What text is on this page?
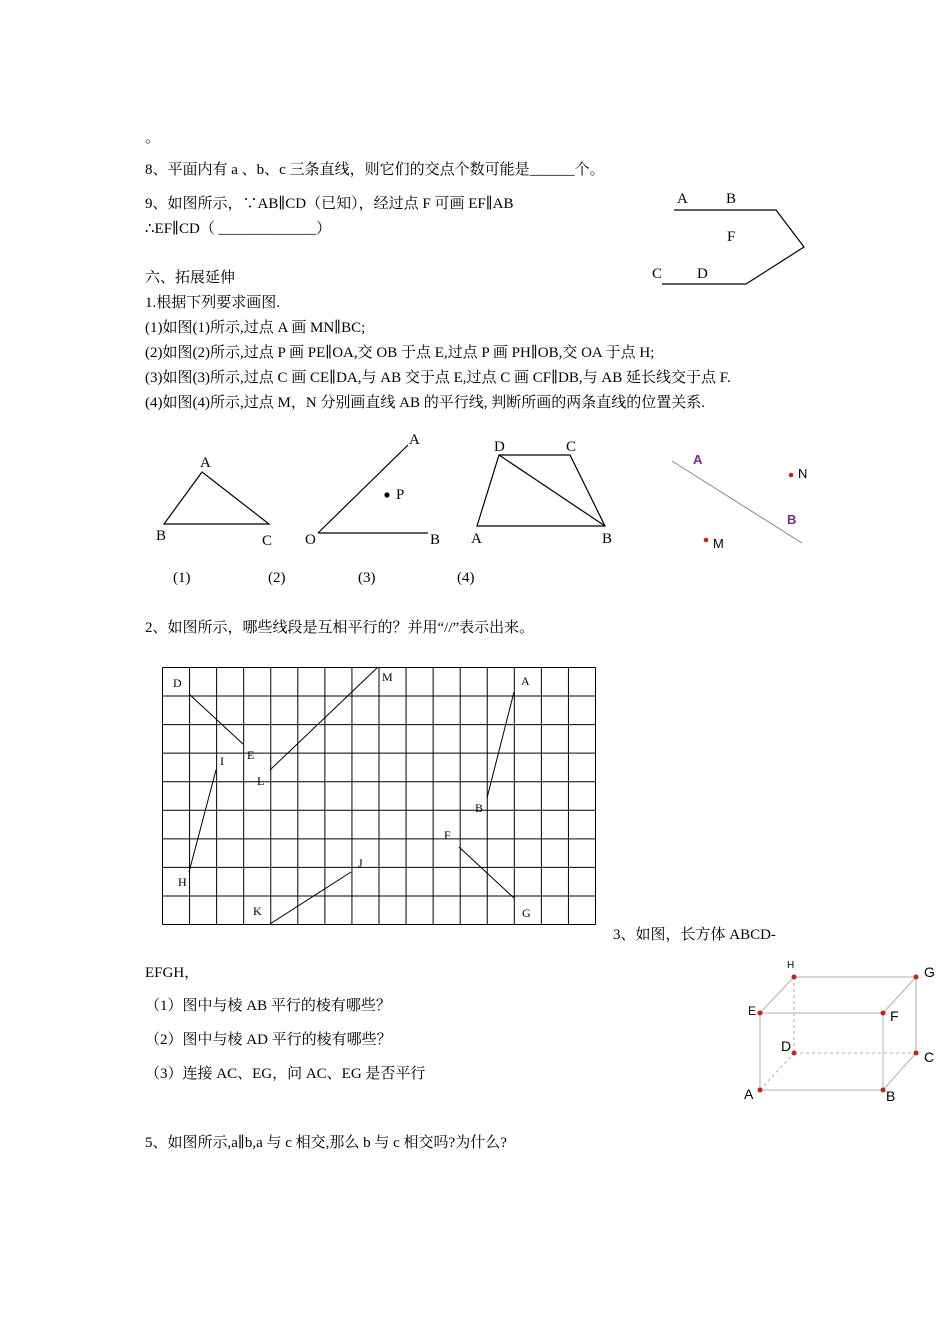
。
8、平面内有 a 、b、c 三条直线，则它们的交点个数可能是______个。
9、如图所示，∵AB∥CD（已知），经过点 F 可画 EF∥AB
∴EF∥CD（ _____________）
A	B
F
C D
六、拓展延伸
1.根据下列要求画图.
(1)如图(1)所示,过点 A 画 MN∥BC;
(2)如图(2)所示,过点 P 画 PE∥OA,交 OB 于点 E,过点 P 画 PH∥OB,交 OA 于点 H;
(3)如图(3)所示,过点 C 画 CE∥DA,与 AB 交于点 E,过点 C 画 CF∥DB,与 AB 延长线交于点 F.
(4)如图(4)所示,过点 M，N 分别画直线 AB 的平行线, 判断所画的两条直线的位置关系.
A
B	C
A
P
O	B
D	C
A	B
A
N
B
M
(1)	(2)	(3)	(4)
2、如图所示，哪些线段是互相平行的？并用“//”表示出来。
D	M	A
I E
L
B
F
J
H
K	G
3、如图，长方体 ABCD-
EFGH，
（1）图中与棱 AB 平行的棱有哪些？
（2）图中与棱 AD 平行的棱有哪些？
（3）连接 AC、EG，问 AC、EG 是否平行
H	G
E	F
D
C
A	B
5、如图所示,a∥b,a 与 c 相交,那么 b 与 c 相交吗?为什么?
